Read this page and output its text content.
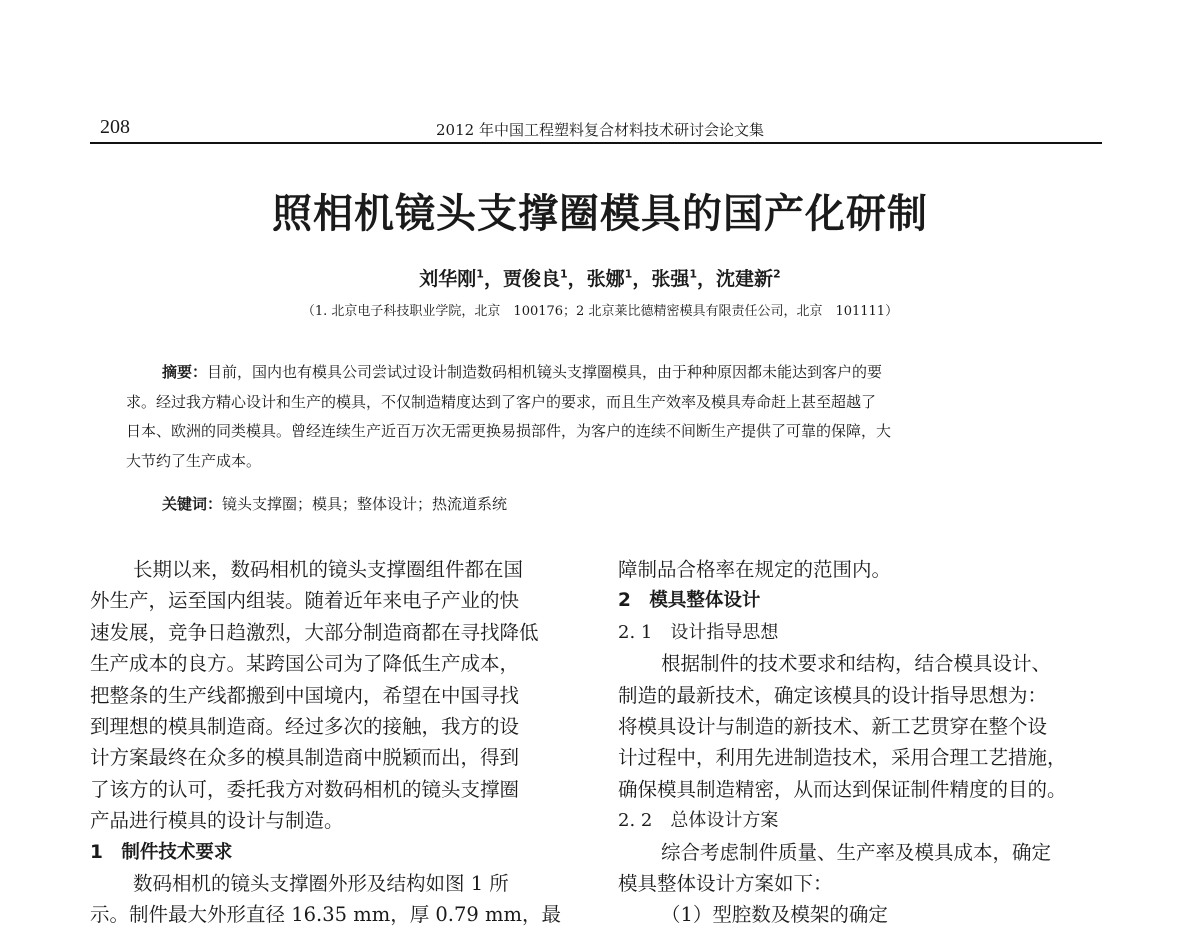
208	2012 年中国工程塑料复合材料技术研讨会论文集
照相机镜头支撑圈模具的国产化研制
刘华刚$^1$，贾俊良$^1$，张娜$^1$，张强$^1$，沈建新$^2$
（1. 北京电子科技职业学院，北京　100176；2 北京莱比德精密模具有限责任公司，北京　101111）
摘要：目前，国内也有模具公司尝试过设计制造数码相机镜头支撑圈模具，由于种种原因都未能达到客户的要
求。经过我方精心设计和生产的模具，不仅制造精度达到了客户的要求，而且生产效率及模具寿命赶上甚至超越了
日本、欧洲的同类模具。曾经连续生产近百万次无需更换易损部件，为客户的连续不间断生产提供了可靠的保障，大
大节约了生产成本。
关键词：镜头支撑圈；模具；整体设计；热流道系统
长期以来，数码相机的镜头支撑圈组件都在国
外生产，运至国内组装。随着近年来电子产业的快
速发展，竞争日趋激烈，大部分制造商都在寻找降低
生产成本的良方。某跨国公司为了降低生产成本，
把整条的生产线都搬到中国境内，希望在中国寻找
到理想的模具制造商。经过多次的接触，我方的设
计方案最终在众多的模具制造商中脱颖而出，得到
了该方的认可，委托我方对数码相机的镜头支撑圈
产品进行模具的设计与制造。
1　制件技术要求
数码相机的镜头支撑圈外形及结构如图 1 所
示。制件最大外形直径 16.35 mm，厚 0.79 mm，最
障制品合格率在规定的范围内。
2　模具整体设计
2. 1　设计指导思想
根据制件的技术要求和结构，结合模具设计、
制造的最新技术，确定该模具的设计指导思想为：
将模具设计与制造的新技术、新工艺贯穿在整个设
计过程中，利用先进制造技术，采用合理工艺措施，
确保模具制造精密，从而达到保证制件精度的目的。
2. 2　总体设计方案
综合考虑制件质量、生产率及模具成本，确定
模具整体设计方案如下：
（1）型腔数及模架的确定
